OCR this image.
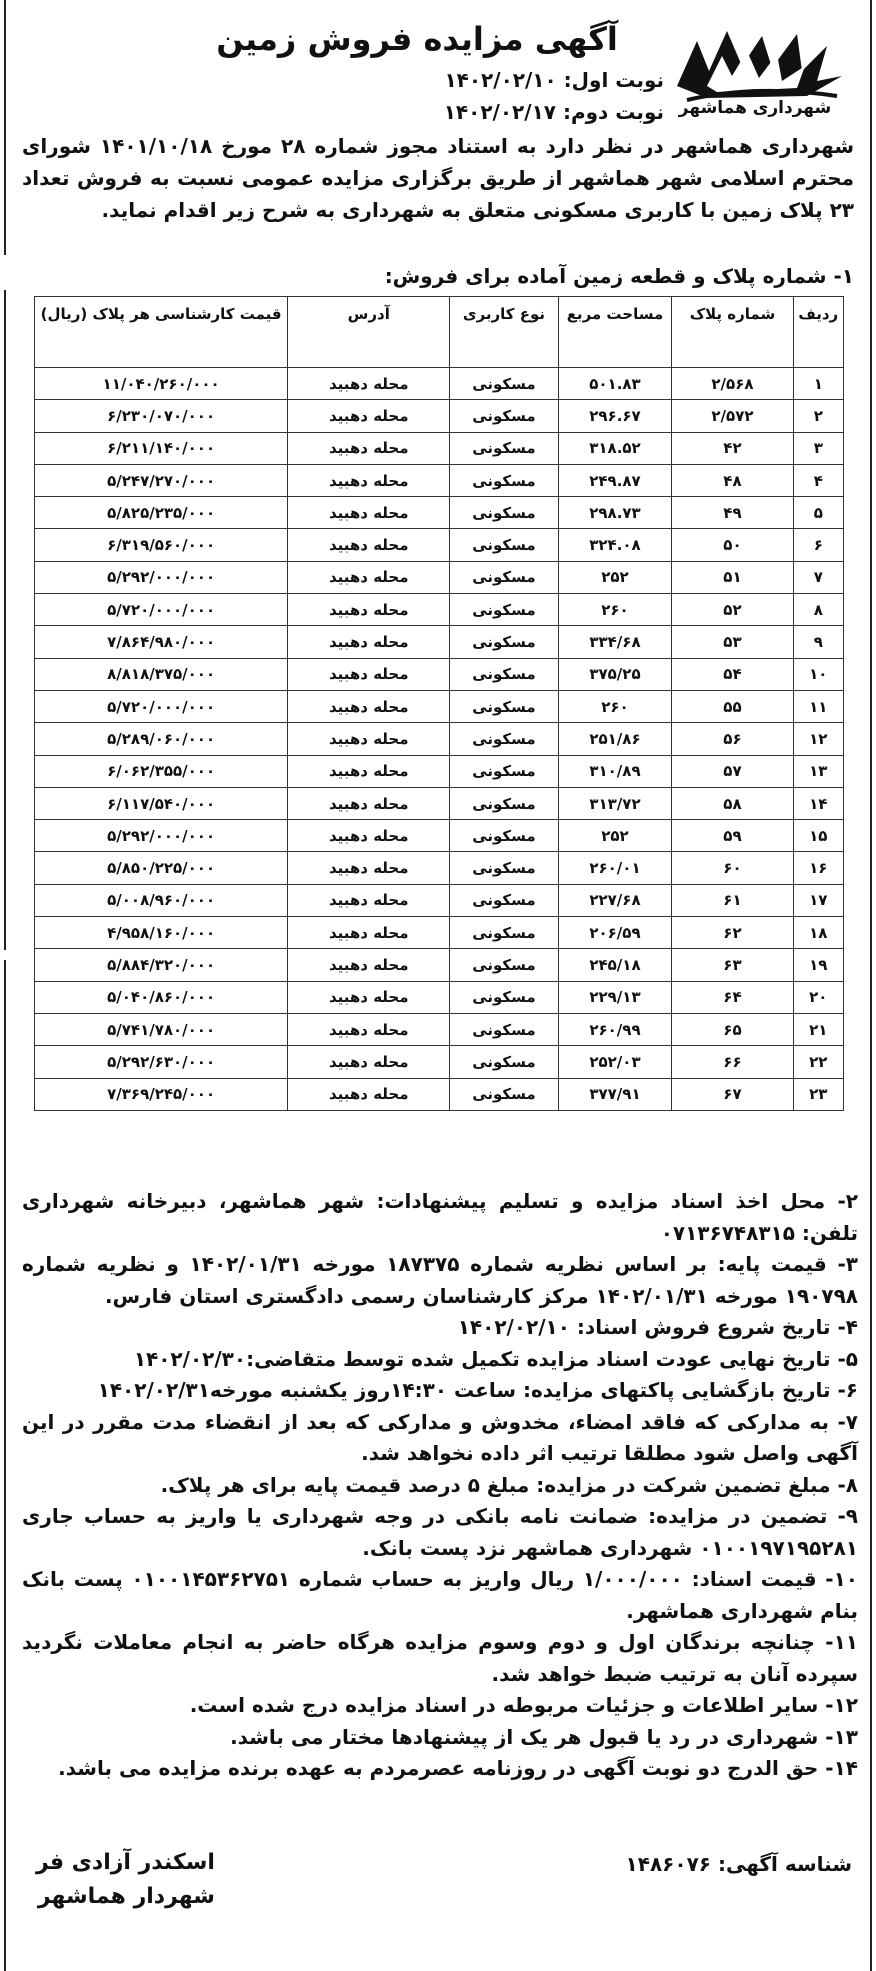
شهرداری هماشهر
آگهی مزایده فروش زمین
نوبت اول: ۱۴۰۲/۰۲/۱۰
نوبت دوم: ۱۴۰۲/۰۲/۱۷
شهرداری هماشهر در نظر دارد به استناد مجوز شماره ۲۸ مورخ ۱۴۰۱/۱۰/۱۸ شورای محترم اسلامی شهر هماشهر از طریق برگزاری مزایده عمومی نسبت به فروش تعداد ۲۳ پلاک زمین با کاربری مسکونی متعلق به شهرداری به شرح زیر اقدام نماید.
۱- شماره پلاک و قطعه زمین آماده برای فروش:
ردیف	شماره پلاک	مساحت مربع	نوع کاربری	آدرس	قیمت کارشناسی هر پلاک (ریال)
۱	۲/۵۶۸	۵۰۱.۸۳	مسکونی	محله دهبید	۱۱/۰۴۰/۲۶۰/۰۰۰
۲	۲/۵۷۲	۲۹۶.۶۷	مسکونی	محله دهبید	۶/۲۳۰/۰۷۰/۰۰۰
۳	۴۲	۳۱۸.۵۲	مسکونی	محله دهبید	۶/۲۱۱/۱۴۰/۰۰۰
۴	۴۸	۲۴۹.۸۷	مسکونی	محله دهبید	۵/۲۴۷/۲۷۰/۰۰۰
۵	۴۹	۲۹۸.۷۳	مسکونی	محله دهبید	۵/۸۲۵/۲۳۵/۰۰۰
۶	۵۰	۳۲۴.۰۸	مسکونی	محله دهبید	۶/۳۱۹/۵۶۰/۰۰۰
۷	۵۱	۲۵۲	مسکونی	محله دهبید	۵/۲۹۲/۰۰۰/۰۰۰
۸	۵۲	۲۶۰	مسکونی	محله دهبید	۵/۷۲۰/۰۰۰/۰۰۰
۹	۵۳	۳۳۴/۶۸	مسکونی	محله دهبید	۷/۸۶۴/۹۸۰/۰۰۰
۱۰	۵۴	۳۷۵/۲۵	مسکونی	محله دهبید	۸/۸۱۸/۳۷۵/۰۰۰
۱۱	۵۵	۲۶۰	مسکونی	محله دهبید	۵/۷۲۰/۰۰۰/۰۰۰
۱۲	۵۶	۲۵۱/۸۶	مسکونی	محله دهبید	۵/۲۸۹/۰۶۰/۰۰۰
۱۳	۵۷	۳۱۰/۸۹	مسکونی	محله دهبید	۶/۰۶۲/۳۵۵/۰۰۰
۱۴	۵۸	۳۱۳/۷۲	مسکونی	محله دهبید	۶/۱۱۷/۵۴۰/۰۰۰
۱۵	۵۹	۲۵۲	مسکونی	محله دهبید	۵/۲۹۲/۰۰۰/۰۰۰
۱۶	۶۰	۲۶۰/۰۱	مسکونی	محله دهبید	۵/۸۵۰/۲۲۵/۰۰۰
۱۷	۶۱	۲۲۷/۶۸	مسکونی	محله دهبید	۵/۰۰۸/۹۶۰/۰۰۰
۱۸	۶۲	۲۰۶/۵۹	مسکونی	محله دهبید	۴/۹۵۸/۱۶۰/۰۰۰
۱۹	۶۳	۲۴۵/۱۸	مسکونی	محله دهبید	۵/۸۸۴/۳۲۰/۰۰۰
۲۰	۶۴	۲۲۹/۱۳	مسکونی	محله دهبید	۵/۰۴۰/۸۶۰/۰۰۰
۲۱	۶۵	۲۶۰/۹۹	مسکونی	محله دهبید	۵/۷۴۱/۷۸۰/۰۰۰
۲۲	۶۶	۲۵۲/۰۳	مسکونی	محله دهبید	۵/۲۹۲/۶۳۰/۰۰۰
۲۳	۶۷	۳۷۷/۹۱	مسکونی	محله دهبید	۷/۳۶۹/۲۴۵/۰۰۰

۲- محل اخذ اسناد مزایده و تسلیم پیشنهادات: شهر هماشهر، دبیرخانه شهرداری تلفن: ۰۷۱۳۶۷۴۸۳۱۵

۳- قیمت پایه: بر اساس نظریه شماره ۱۸۷۳۷۵ مورخه ۱۴۰۲/۰۱/۳۱ و نظریه شماره ۱۹۰۷۹۸ مورخه ۱۴۰۲/۰۱/۳۱ مرکز کارشناسان رسمی دادگستری استان فارس.

۴- تاریخ شروع فروش اسناد: ۱۴۰۲/۰۲/۱۰

۵- تاریخ نهایی عودت اسناد مزایده تکمیل شده توسط متقاضی:۱۴۰۲/۰۲/۳۰

۶- تاریخ بازگشایی پاکتهای مزایده: ساعت ۱۴:۳۰روز یکشنبه مورخه۱۴۰۲/۰۲/۳۱

۷- به مدارکی که فاقد امضاء، مخدوش و مدارکی که بعد از انقضاء مدت مقرر در این آگهی واصل شود مطلقا ترتیب اثر داده نخواهد شد.

۸- مبلغ تضمین شرکت در مزایده: مبلغ ۵ درصد قیمت پایه برای هر پلاک.

۹- تضمین در مزایده: ضمانت نامه بانکی در وجه شهرداری یا واریز به حساب جاری ۰۱۰۰۱۹۷۱۹۵۲۸۱ شهرداری هماشهر نزد پست بانک.

۱۰- قیمت اسناد: ۱/۰۰۰/۰۰۰ ریال واریز به حساب شماره ۰۱۰۰۱۴۵۳۶۲۷۵۱ پست بانک بنام شهرداری هماشهر.

۱۱- چنانچه برندگان اول و دوم وسوم مزایده هرگاه حاضر به انجام معاملات نگردید سپرده آنان به ترتیب ضبط خواهد شد.

۱۲- سایر اطلاعات و جزئیات مربوطه در اسناد مزایده درج شده است.

۱۳- شهرداری در رد یا قبول هر یک از پیشنهادها مختار می باشد.

۱۴- حق الدرج دو نوبت آگهی در روزنامه عصرمردم به عهده برنده مزایده می باشد.

شناسه آگهی: ۱۴۸۶۰۷۶
اسکندر آزادی فر
شهردار هماشهر
